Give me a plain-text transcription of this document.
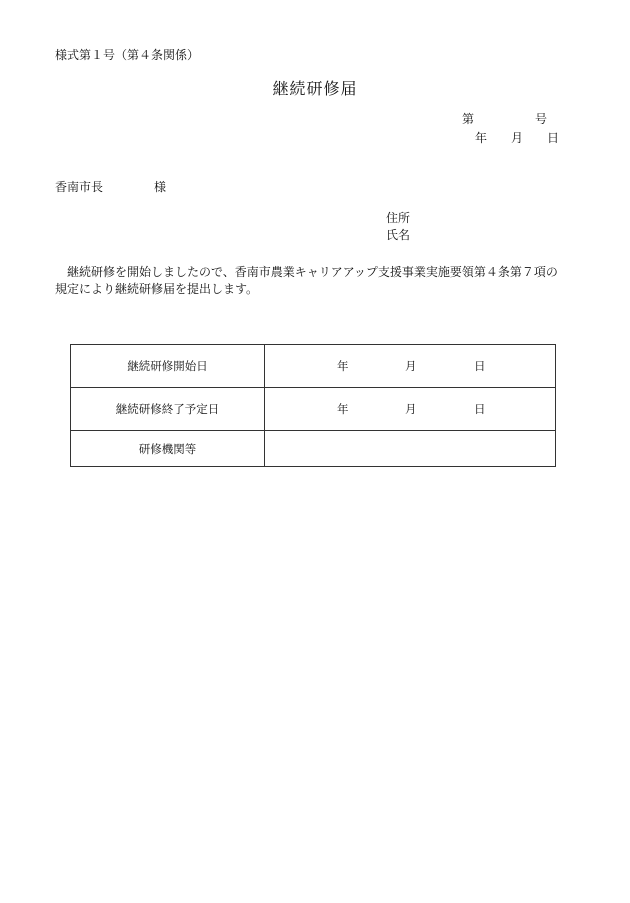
様式第１号（第４条関係）
継続研修届
第	号
年 月 日
香南市長	様
住所
氏名
継続研修を開始しましたので、香南市農業キャリアアップ支援事業実施要領第４条第７項の規定により継続研修届を提出します。
継続研修開始日	年 月 日

継続研修終了予定日	年 月 日

研修機関等	
